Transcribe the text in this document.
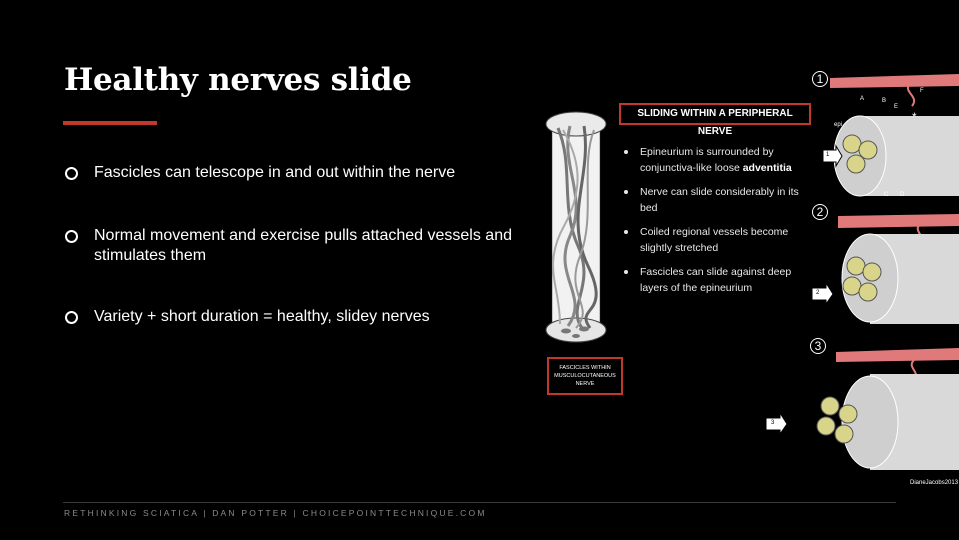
Healthy nerves slide
Fascicles can telescope in and out within the nerve
Normal movement and exercise pulls attached vessels and stimulates them
Variety + short duration = healthy, slidey nerves
1
2
3
1
2
3
epi
*
A	B
C D
E
F
SLIDING WITHIN A PERIPHERAL NERVE
Epineurium is surrounded by conjunctiva-like loose adventitia
Nerve can slide considerably in its bed
Coiled regional vessels become slightly stretched
Fascicles can slide against deep layers of the epineurium
FASCICLES WITHIN MUSCULOCUTANEOUS NERVE
DianeJacobs2013
RETHINKING SCIATICA | DAN POTTER | CHOICEPOINTTECHNIQUE.COM
